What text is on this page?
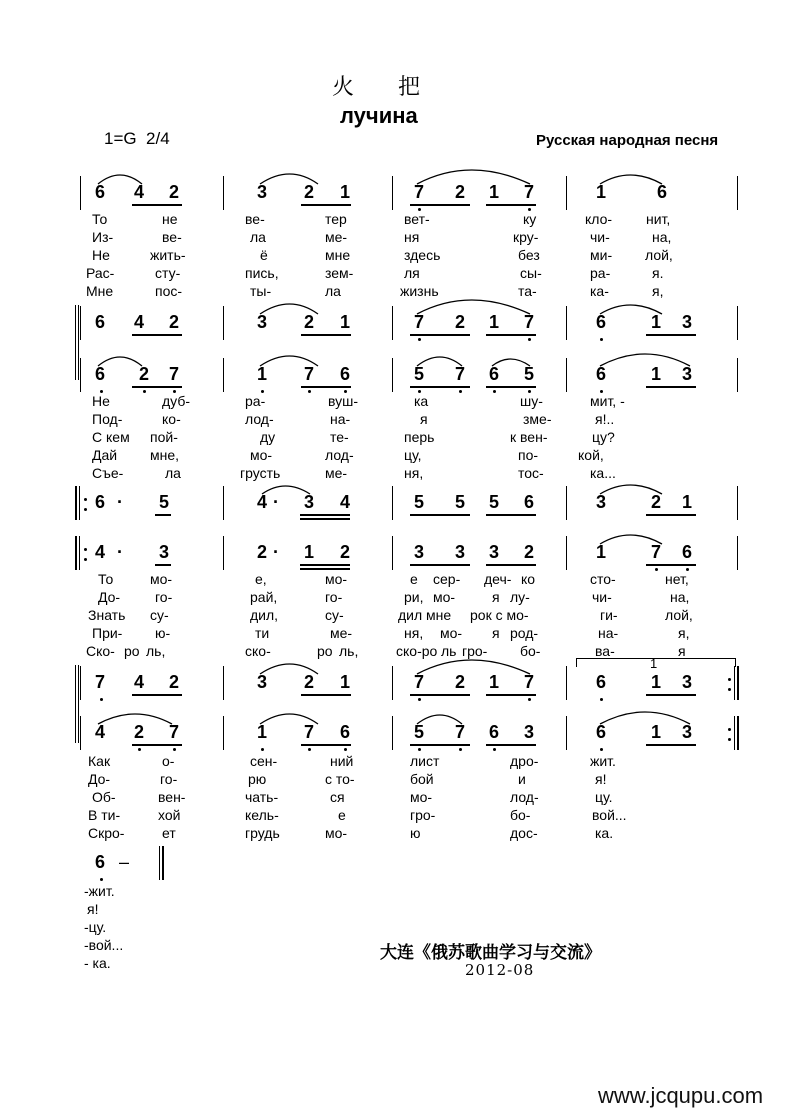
火把
лучина
1=G  2/4	Русская народная песня
6 4 2	3 2 1	7 2 1 7	1	6
То	не	ве-	тер	вет-	ку	кло- нит,
Из-	ве-	ла	ме-	ня	кру-	чи-	на,
Не	жить-	ё	мне	здесь	без	ми- лой,
Рас-	сту-	пись,	зем-	ля	сы-	ра-	я.
Мне	пос-	ты-	ла	жизнь	та-	ка-	я,
6 4 2	3 2 1	7 2 1 7	6 1 3
6 2 7	1 7 6	5 7 6 5	6 1 3
Не	дуб-	ра-	вуш-	ка	шу-	мит, -
Под-	ко-	лод-	на-	я	зме-	я!..
С кем пой-	ду	те-	перь	к вен-	цу?
Дай мне,	мо-	лод-	цу,	по-	кой,
Съе-	ла	грусть	ме-	ня,	тос-	ка...
6 · 5	4 · 3 4	5 5 5 6	3 2 1
4 · 3	2 · 1 2	3 3 3 2	1 7 6
То	мо-	е,	мо-	е сер- деч- ко	сто-	нет,
До- го-	рай,	го-	ри, мо-	я лу-	чи-	на,
Знать су-	дил,	су-	дил мне рок с мо-	ги-	лой,
При- ю-	ти	ме-	ня, мо- я род-	на-	я,
Ско- ро ль,	ско-	ро ль,	ско-ро ль гро- бо-	ва-	я
1
7 4 2	3 2 1	7 2 1 7	6 1 3
4 2 7	1 7 6	5 7 6 3	6 1 3
Как	о-	сен-	ний	лист	дро-	жит.
До-	го-	рю	с то-	бой	и	я!
Об-	вен-	чать-	ся	мо-	лод-	цу.
В ти-	хой	кель-	е	гро-	бо-	вой...
Скро-	ет	грудь	мо-	ю	дос-	ка.
6 –
-жит.
я!
-цу.
-вой...
- ка.	大连《俄苏歌曲学习与交流》
2012-08
www.jcqupu.com
